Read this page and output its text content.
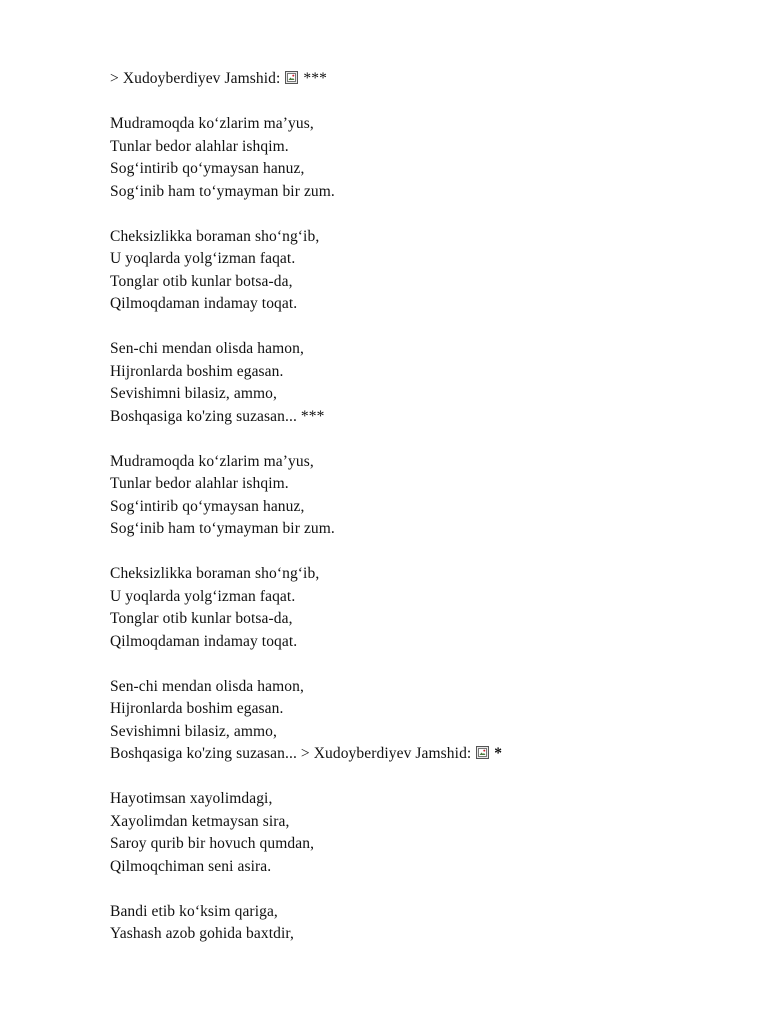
> Xudoyberdiyev Jamshid: ***
Mudramoqda ko‘zlarim ma’yus,
Tunlar bedor alahlar ishqim.
Sog‘intirib qo‘ymaysan hanuz,
Sog‘inib ham to‘ymayman bir zum.
Cheksizlikka boraman sho‘ng‘ib,
U yoqlarda yolg‘izman faqat.
Tonglar otib kunlar botsa-da,
Qilmoqdaman indamay toqat.
Sen-chi mendan olisda hamon,
Hijronlarda boshim egasan.
Sevishimni bilasiz, ammo,
Boshqasiga ko'zing suzasan... ***
Mudramoqda ko‘zlarim ma’yus,
Tunlar bedor alahlar ishqim.
Sog‘intirib qo‘ymaysan hanuz,
Sog‘inib ham to‘ymayman bir zum.
Cheksizlikka boraman sho‘ng‘ib,
U yoqlarda yolg‘izman faqat.
Tonglar otib kunlar botsa-da,
Qilmoqdaman indamay toqat.
Sen-chi mendan olisda hamon,
Hijronlarda boshim egasan.
Sevishimni bilasiz, ammo,
Boshqasiga ko'zing suzasan... > Xudoyberdiyev Jamshid: *
Hayotimsan xayolimdagi,
Xayolimdan ketmaysan sira,
Saroy qurib bir hovuch qumdan,
Qilmoqchiman seni asira.
Bandi etib ko‘ksim qariga,
Yashash azob gohida baxtdir,
